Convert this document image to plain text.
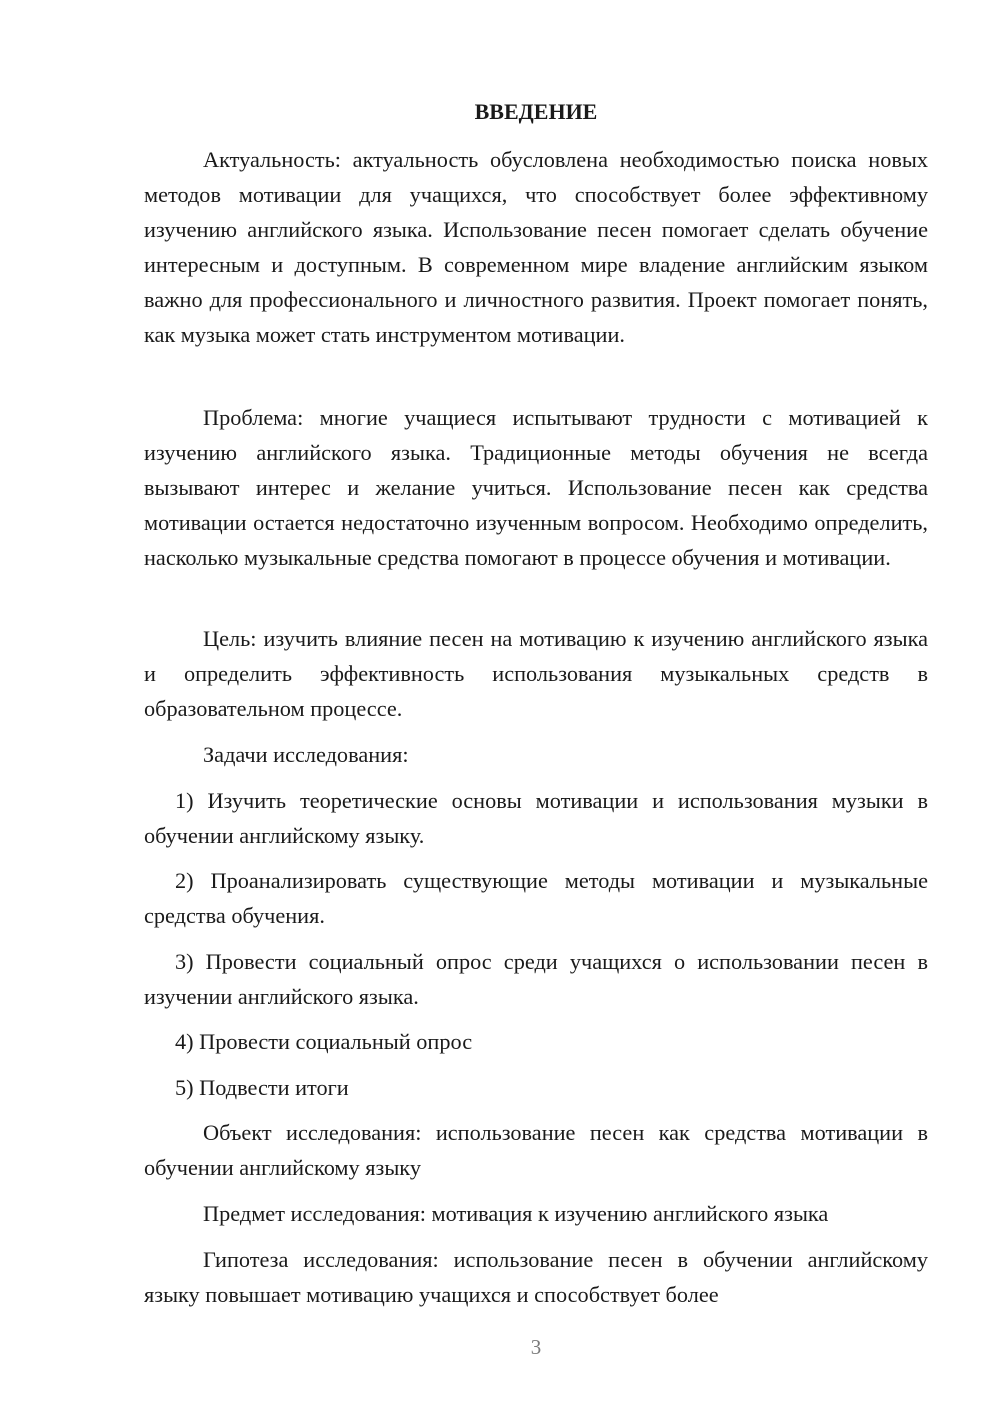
ВВЕДЕНИЕ

Актуальность: актуальность обусловлена необходимостью поиска новых методов мотивации для учащихся, что способствует более эффективному изучению английского языка. Использование песен помогает сделать обучение интересным и доступным. В современном мире владение английским языком важно для профессионального и личностного развития. Проект помогает понять, как музыка может стать инструментом мотивации.

Проблема: многие учащиеся испытывают трудности с мотивацией к изучению английского языка. Традиционные методы обучения не всегда вызывают интерес и желание учиться. Использование песен как средства мотивации остается недостаточно изученным вопросом. Необходимо определить, насколько музыкальные средства помогают в процессе обучения и мотивации.

Цель: изучить влияние песен на мотивацию к изучению английского языка и определить эффективность использования музыкальных средств в образовательном процессе.

Задачи исследования:

1) Изучить теоретические основы мотивации и использования музыки в обучении английскому языку.

2) Проанализировать существующие методы мотивации и музыкальные средства обучения.

3) Провести социальный опрос среди учащихся о использовании песен в изучении английского языка.

4) Провести социальный опрос

5) Подвести итоги

Объект исследования: использование песен как средства мотивации в обучении английскому языку

Предмет исследования: мотивация к изучению английского языка

Гипотеза исследования: использование песен в обучении английскому языку повышает мотивацию учащихся и способствует более

3
